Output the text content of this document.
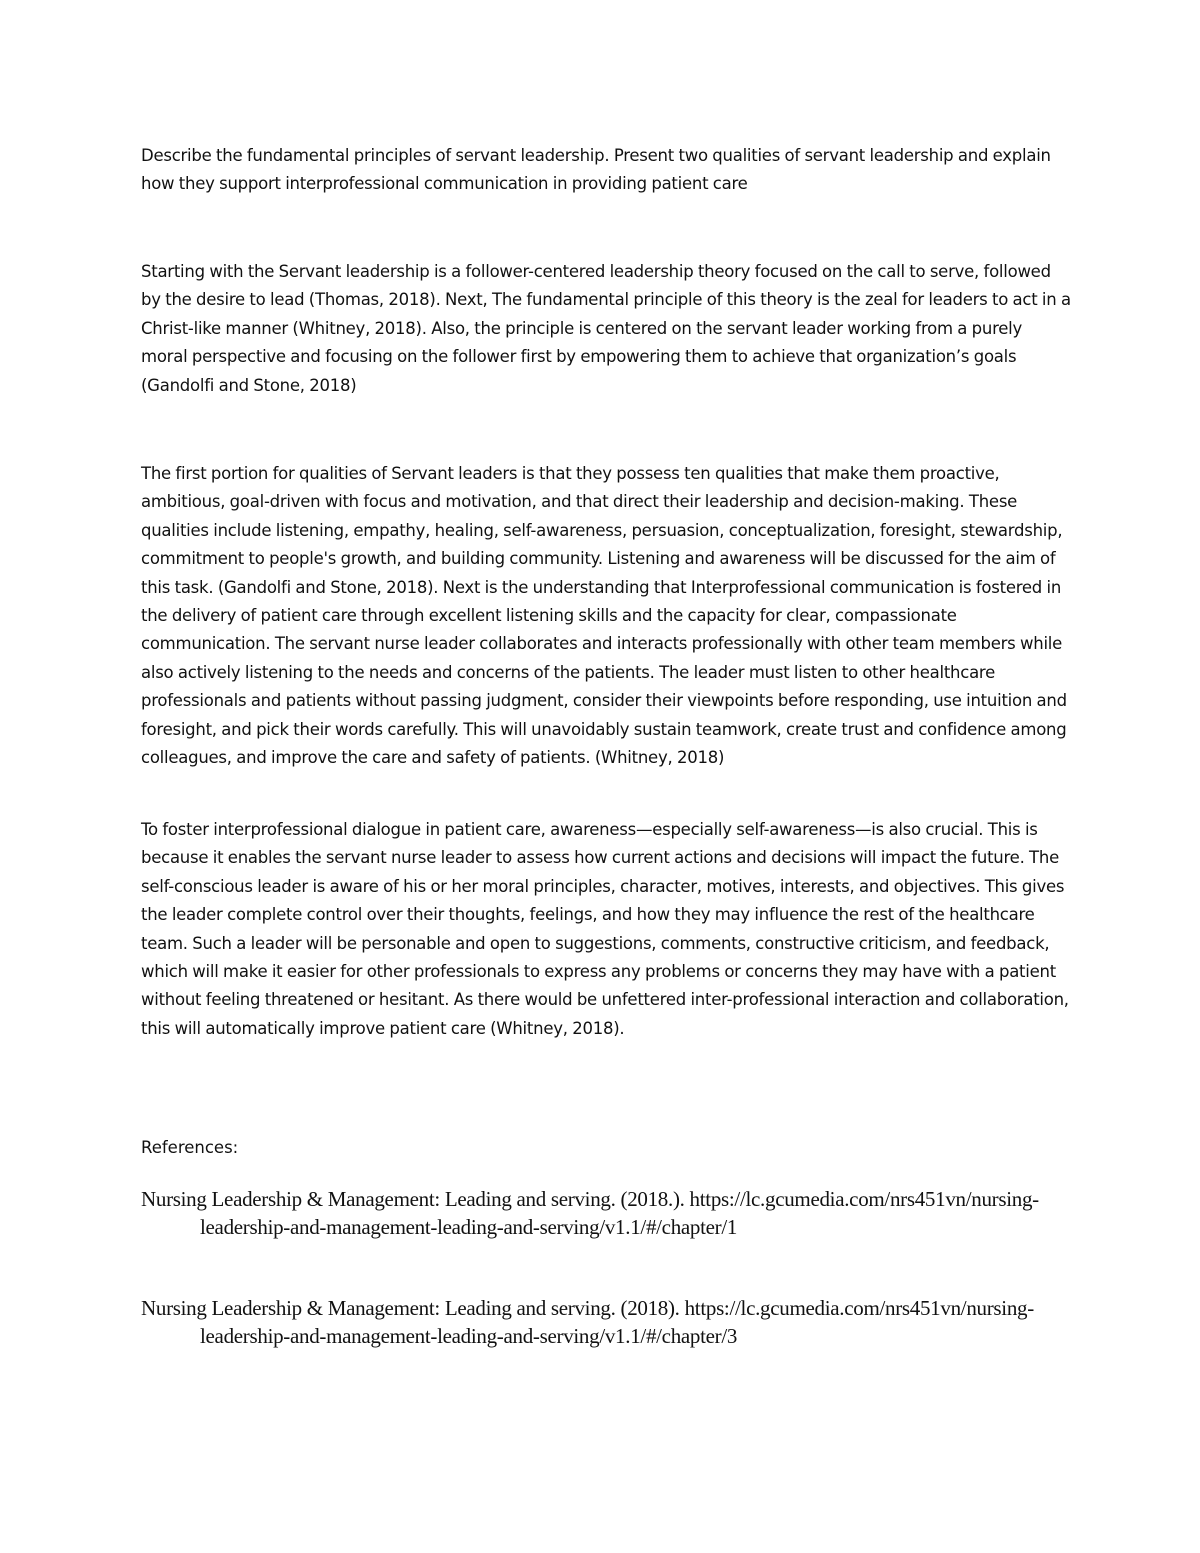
Describe the fundamental principles of servant leadership. Present two qualities of servant leadership and explain how they support interprofessional communication in providing patient care

Starting with the Servant leadership is a follower-centered leadership theory focused on the call to serve, followed by the desire to lead (Thomas, 2018). Next, The fundamental principle of this theory is the zeal for leaders to act in a Christ-like manner (Whitney, 2018). Also, the principle is centered on the servant leader working from a purely moral perspective and focusing on the follower first by empowering them to achieve that organization’s goals (Gandolfi and Stone, 2018)

The first portion for qualities of Servant leaders is that they possess ten qualities that make them proactive, ambitious, goal-driven with focus and motivation, and that direct their leadership and decision-making. These qualities include listening, empathy, healing, self-awareness, persuasion, conceptualization, foresight, stewardship, commitment to people's growth, and building community. Listening and awareness will be discussed for the aim of this task. (Gandolfi and Stone, 2018). Next is the understanding that Interprofessional communication is fostered in the delivery of patient care through excellent listening skills and the capacity for clear, compassionate communication. The servant nurse leader collaborates and interacts professionally with other team members while also actively listening to the needs and concerns of the patients. The leader must listen to other healthcare professionals and patients without passing judgment, consider their viewpoints before responding, use intuition and foresight, and pick their words carefully. This will unavoidably sustain teamwork, create trust and confidence among colleagues, and improve the care and safety of patients. (Whitney, 2018)

To foster interprofessional dialogue in patient care, awareness—especially self-awareness—is also crucial. This is because it enables the servant nurse leader to assess how current actions and decisions will impact the future. The self-conscious leader is aware of his or her moral principles, character, motives, interests, and objectives. This gives the leader complete control over their thoughts, feelings, and how they may influence the rest of the healthcare team. Such a leader will be personable and open to suggestions, comments, constructive criticism, and feedback, which will make it easier for other professionals to express any problems or concerns they may have with a patient without feeling threatened or hesitant. As there would be unfettered inter-professional interaction and collaboration, this will automatically improve patient care (Whitney, 2018).

References:

Nursing Leadership & Management: Leading and serving. (2018.). https://lc.gcumedia.com/nrs451vn/nursing-leadership-and-management-leading-and-serving/v1.1/#/chapter/1

Nursing Leadership & Management: Leading and serving. (2018). https://lc.gcumedia.com/nrs451vn/nursing-leadership-and-management-leading-and-serving/v1.1/#/chapter/3
